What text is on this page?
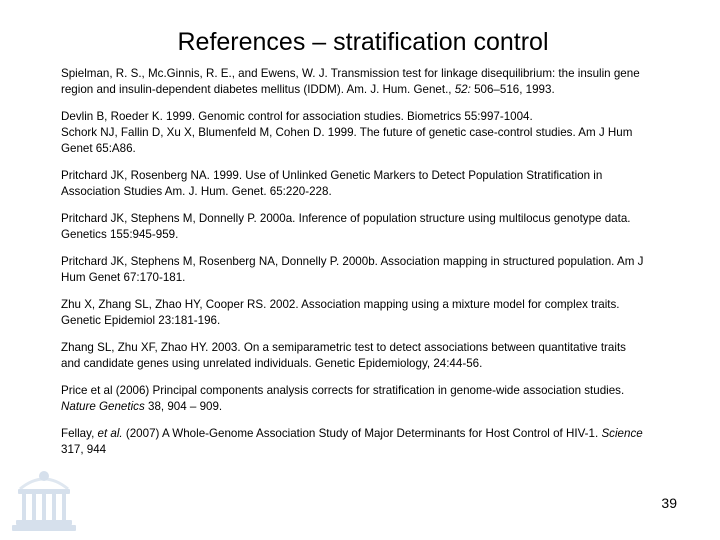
References – stratification control

Spielman, R. S., Mc.Ginnis, R. E., and Ewens, W. J. Transmission test for linkage disequilibrium: the insulin gene
region and insulin-dependent diabetes mellitus (IDDM). Am. J. Hum. Genet., 52: 506–516, 1993.

Devlin B, Roeder K. 1999. Genomic control for association studies. Biometrics 55:997-1004.

Schork NJ, Fallin D, Xu X, Blumenfeld M, Cohen D. 1999. The future of genetic case-control studies. Am J Hum
Genet 65:A86.

Pritchard JK, Rosenberg NA. 1999. Use of Unlinked Genetic Markers to Detect Population Stratification in
Association Studies Am. J. Hum. Genet. 65:220-228.

Pritchard JK, Stephens M, Donnelly P. 2000a. Inference of population structure using multilocus genotype data.
Genetics 155:945-959.

Pritchard JK, Stephens M, Rosenberg NA, Donnelly P. 2000b. Association mapping in structured population. Am J
Hum Genet 67:170-181.

Zhu X, Zhang SL, Zhao HY, Cooper RS. 2002. Association mapping using a mixture model for complex traits.
Genetic Epidemiol 23:181-196.

Zhang SL, Zhu XF, Zhao HY. 2003. On a semiparametric test to detect associations between quantitative traits
and candidate genes using unrelated individuals. Genetic Epidemiology, 24:44-56.

Price et al (2006) Principal components analysis corrects for stratification in genome-wide association studies.
Nature Genetics 38, 904 – 909.

Fellay, et al. (2007) A Whole-Genome Association Study of Major Determinants for Host Control of HIV-1. Science
317, 944

39
